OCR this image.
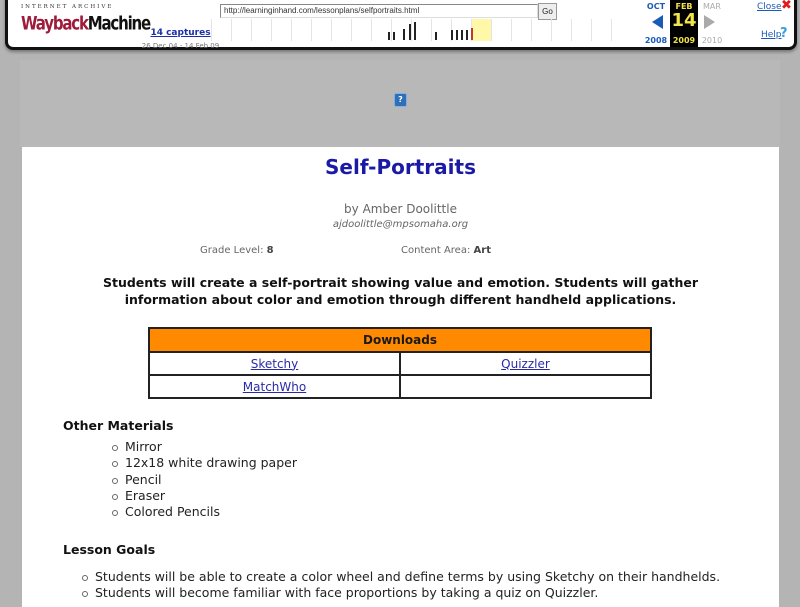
INTERNET ARCHIVE
WaybackMachine 14 captures
26 Dec 04 - 14 Feb 09
http://learninginhand.com/lessonplans/selfportraits.html
Go
OCT	FEB	MAR
14
2008 2009 2010
Close ✖
Help
?
?
Self-Portraits
by Amber Doolittle
ajdoolittle@mpsomaha.org
Grade Level: 8	Content Area: Art
Students will create a self-portrait showing value and emotion. Students will gather information about color and emotion through different handheld applications.
Downloads	
Sketchy	Quizzler
MatchWho	
Other Materials
Mirror
12x18 white drawing paper
Pencil
Eraser
Colored Pencils
Lesson Goals
Students will be able to create a color wheel and define terms by using Sketchy on their handhelds.
Students will become familiar with face proportions by taking a quiz on Quizzler.
